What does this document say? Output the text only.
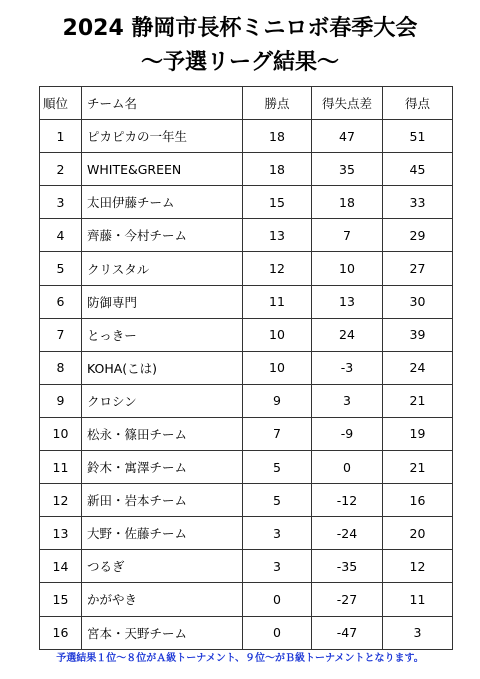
2024 静岡市長杯ミニロボ春季大会
～予選リーグ結果～
順位	チーム名	勝点	得失点差	得点
1	ピカピカの一年生	18	47	51
2	WHITE&GREEN	18	35	45
3	太田伊藤チーム	15	18	33
4	齊藤・今村チーム	13	7	29
5	クリスタル	12	10	27
6	防御専門	11	13	30
7	とっきー	10	24	39
8	KOHA(こは)	10	-3	24
9	クロシン	9	3	21
10	松永・篠田チーム	7	-9	19
11	鈴木・寓澤チーム	5	0	21
12	新田・岩本チーム	5	-12	16
13	大野・佐藤チーム	3	-24	20
14	つるぎ	3	-35	12
15	かがやき	0	-27	11
16	宮本・天野チーム	0	-47	3

予選結果１位～８位がＡ級トーナメント、９位～がＢ級トーナメントとなります。
